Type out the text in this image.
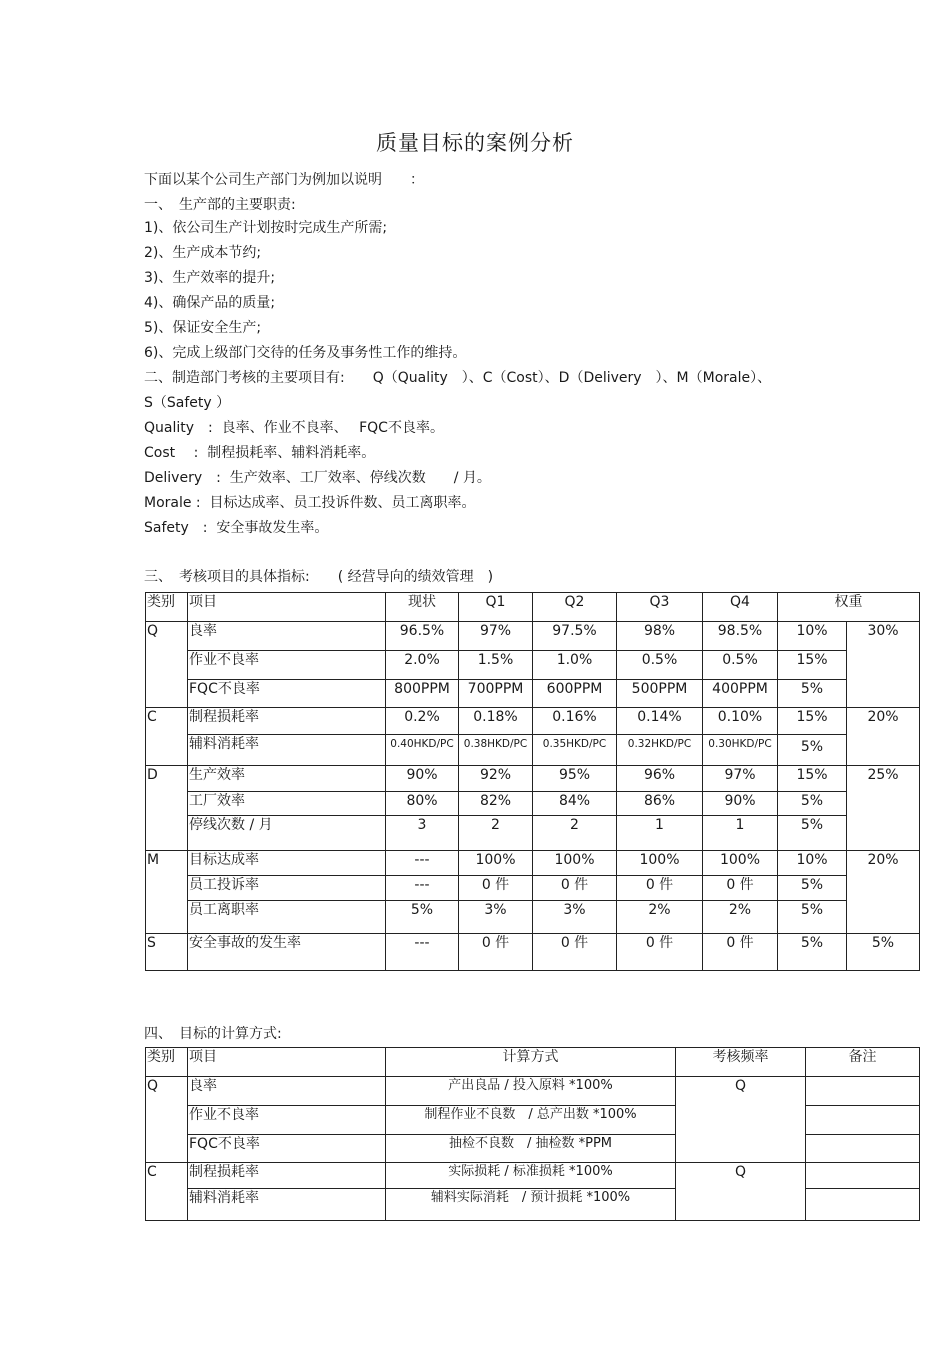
质量目标的案例分析
下面以某个公司生产部门为例加以说明　　：
一、　生产部的主要职责:
1)、依公司生产计划按时完成生产所需;
2)、生产成本节约;
3)、生产效率的提升;
4)、确保产品的质量;
5)、保证安全生产;
6)、完成上级部门交待的任务及事务性工作的维持。
二、制造部门考核的主要项目有:　　Q（Quality　）、C（Cost）、D（Delivery　）、M（Morale）、
S（Safety ）
Quality　:  良率、作业不良率、　 FQC不良率。
Cost　 :  制程损耗率、辅料消耗率。
Delivery　:  生产效率、工厂效率、停线次数　　/ 月。
Morale :  目标达成率、员工投诉件数、员工离职率。
Safety　:  安全事故发生率。
三、　考核项目的具体指标:　　( 经营导向的绩效管理　)
类别	项目	现状	Q1	Q2	Q3	Q4	权重	
Q	良率	96.5%	97%	97.5%	98%	98.5%	10%	30%
	作业不良率	2.0%	1.5%	1.0%	0.5%	0.5%	15%	
	FQC不良率	800PPM	700PPM	600PPM	500PPM	400PPM	5%	
C	制程损耗率	0.2%	0.18%	0.16%	0.14%	0.10%	15%	20%
	辅料消耗率	0.40HKD/PC	0.38HKD/PC	0.35HKD/PC	0.32HKD/PC	0.30HKD/PC	5%	
D	生产效率	90%	92%	95%	96%	97%	15%	25%
	工厂效率	80%	82%	84%	86%	90%	5%	
	停线次数 / 月	3	2	2	1	1	5%	
M	目标达成率	---	100%	100%	100%	100%	10%	20%
	员工投诉率	---	0 件	0 件	0 件	0 件	5%	
	员工离职率	5%	3%	3%	2%	2%	5%	
S	安全事故的发生率	---	0 件	0 件	0 件	0 件	5%	5%
四、　目标的计算方式:
类别	项目	计算方式	考核频率	备注
Q	良率	产出良品 / 投入原料 *100%	Q	
	作业不良率	制程作业不良数　/ 总产出数 *100%		
	FQC不良率	抽检不良数　/ 抽检数 *PPM		
C	制程损耗率	实际损耗 / 标准损耗 *100%	Q	
	辅料消耗率	辅料实际消耗　/ 预计损耗 *100%		
